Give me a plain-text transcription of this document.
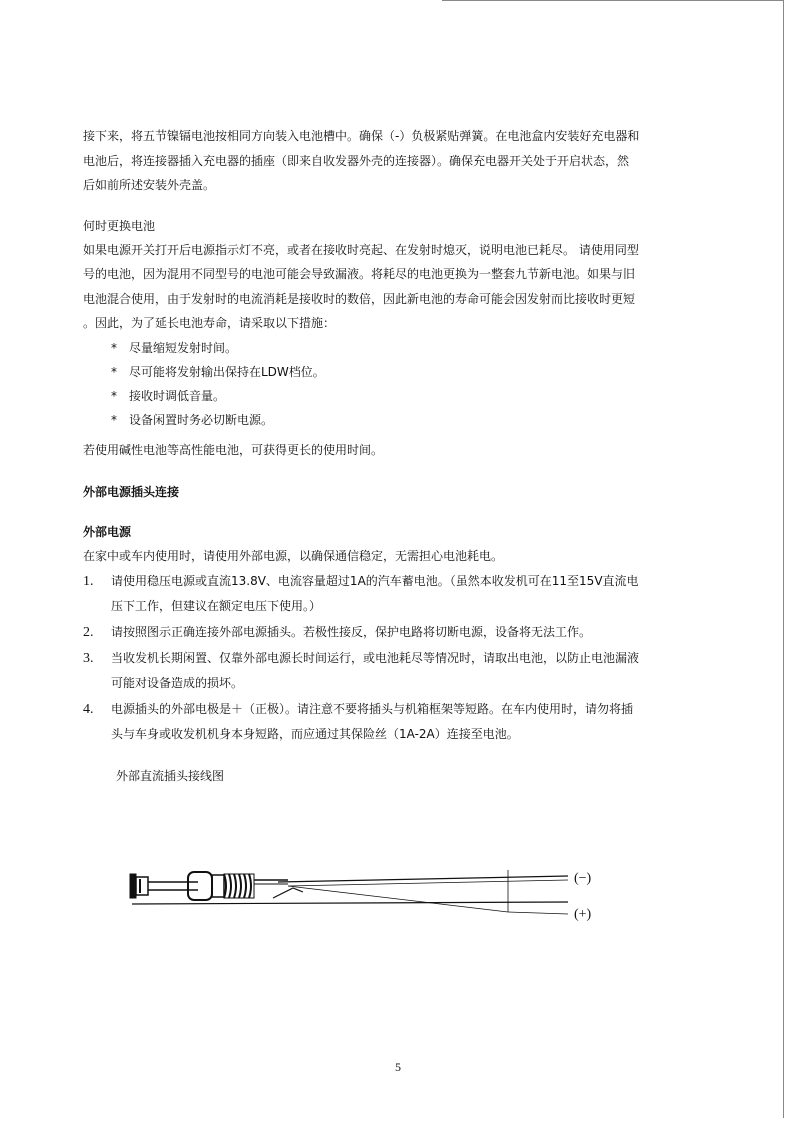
接下来，将五节镍镉电池按相同方向装入电池槽中。确保（-）负极紧贴弹簧。在电池盒内安装好充电器和
电池后，将连接器插入充电器的插座（即来自收发器外壳的连接器）。确保充电器开关处于开启状态，然
后如前所述安装外壳盖。

何时更换电池

如果电源开关打开后电源指示灯不亮，或者在接收时亮起、在发射时熄灭，说明电池已耗尽。 请使用同型
号的电池，因为混用不同型号的电池可能会导致漏液。将耗尽的电池更换为一整套九节新电池。如果与旧
电池混合使用，由于发射时的电流消耗是接收时的数倍，因此新电池的寿命可能会因发射而比接收时更短
。因此，为了延长电池寿命，请采取以下措施：

*	尽量缩短发射时间。
*	尽可能将发射输出保持在LDW档位。
*	接收时调低音量。
*	设备闲置时务必切断电源。

若使用碱性电池等高性能电池，可获得更长的使用时间。

外部电源插头连接

外部电源

在家中或车内使用时，请使用外部电源，以确保通信稳定，无需担心电池耗电。

1. 请使用稳压电源或直流13.8V、电流容量超过1A的汽车蓄电池。（虽然本收发机可在11至15V直流电
压下工作，但建议在额定电压下使用。）
2. 请按照图示正确连接外部电源插头。若极性接反，保护电路将切断电源，设备将无法工作。
3. 当收发机长期闲置、仅靠外部电源长时间运行，或电池耗尽等情况时，请取出电池，以防止电池漏液
可能对设备造成的损坏。
4. 电源插头的外部电极是＋（正极）。请注意不要将插头与机箱框架等短路。在车内使用时，请勿将插
头与车身或收发机机身本身短路，而应通过其保险丝（1A-2A）连接至电池。

外部直流插头接线图

(−)
(+)
5
